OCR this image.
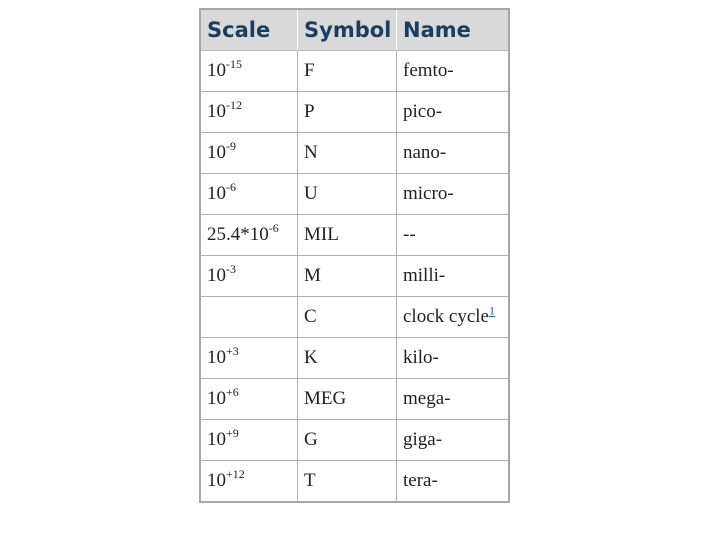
Scale	Symbol	Name
$10^{-15}$	F	femto-
$10^{-12}$	P	pico-
$10^{-9}$	N	nano-
$10^{-6}$	U	micro-
$25.4*10^{-6}$	MIL	--
$10^{-3}$	M	milli-
	C	clock cycle$^1$
$10^{+3}$	K	kilo-
$10^{+6}$	MEG	mega-
$10^{+9}$	G	giga-
$10^{+12}$	T	tera-
